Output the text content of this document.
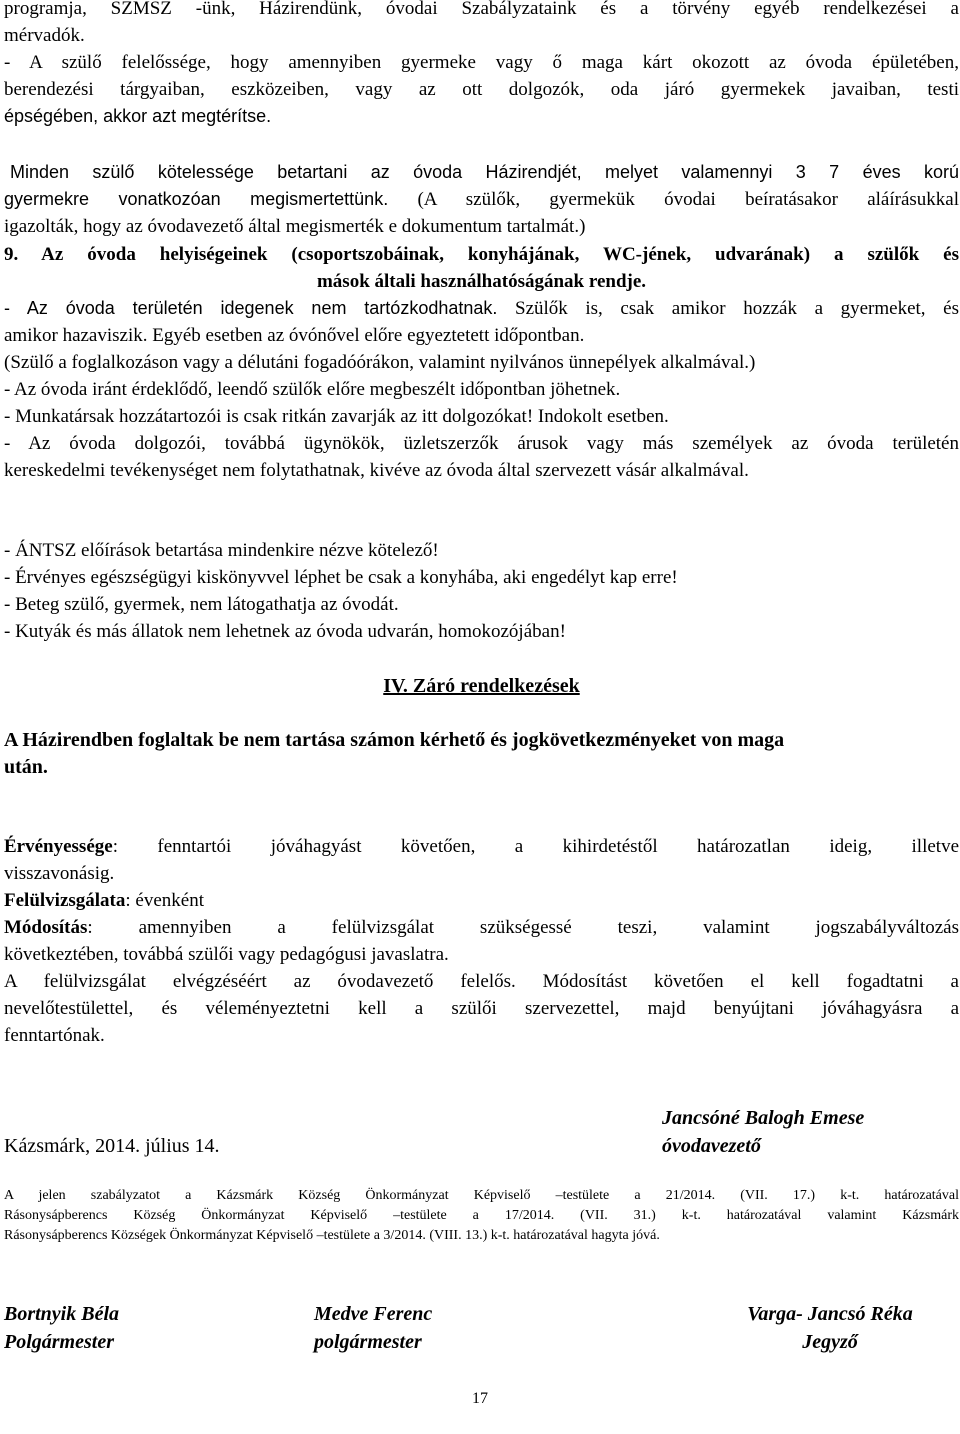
programja, SZMSZ -ünk, Házirendünk, óvodai Szabályzataink és a törvény egyéb rendelkezései a
mérvadók.
- A szülő felelőssége, hogy amennyiben gyermeke vagy ő maga kárt okozott az óvoda épületében,
berendezési tárgyaiban, eszközeiben, vagy az ott dolgozók, oda járó gyermekek javaiban, testi
épségében, akkor azt megtérítse.
Minden szülő kötelessége betartani az óvoda Házirendjét, melyet valamennyi 3 7 éves korú
gyermekre vonatkozóan megismertettünk. (A szülők, gyermekük óvodai beíratásakor aláírásukkal
igazolták, hogy az óvodavezető által megismerték e dokumentum tartalmát.)
9. Az óvoda helyiségeinek (csoportszobáinak, konyhájának, WC-jének, udvarának) a szülők és
mások általi használhatóságának rendje.
- Az óvoda területén idegenek nem tartózkodhatnak. Szülők is, csak amikor hozzák a gyermeket, és
amikor hazaviszik. Egyéb esetben az óvónővel előre egyeztetett időpontban.
(Szülő a foglalkozáson vagy a délutáni fogadóórákon, valamint nyilvános ünnepélyek alkalmával.)
- Az óvoda iránt érdeklődő, leendő szülők előre megbeszélt időpontban jöhetnek.
- Munkatársak hozzátartozói is csak ritkán zavarják az itt dolgozókat! Indokolt esetben.
- Az óvoda dolgozói, továbbá ügynökök, üzletszerzők árusok vagy más személyek az óvoda területén
kereskedelmi tevékenységet nem folytathatnak, kivéve az óvoda által szervezett vásár alkalmával.
- ÁNTSZ előírások betartása mindenkire nézve kötelező!
- Érvényes egészségügyi kiskönyvvel léphet be csak a konyhába, aki engedélyt kap erre!
- Beteg szülő, gyermek, nem látogathatja az óvodát.
- Kutyák és más állatok nem lehetnek az óvoda udvarán, homokozójában!
IV. Záró rendelkezések
A Házirendben foglaltak be nem tartása számon kérhető és jogkövetkezményeket von maga
után.
Érvényessége: fenntartói jóváhagyást követően, a kihirdetéstől határozatlan ideig, illetve
visszavonásig.
Felülvizsgálata: évenként
Módosítás: amennyiben a felülvizsgálat szükségessé teszi, valamint jogszabályváltozás
következtében, továbbá szülői vagy pedagógusi javaslatra.
A felülvizsgálat elvégzéséért az óvodavezető felelős. Módosítást követően el kell fogadtatni a
nevelőtestülettel, és véleményeztetni kell a szülői szervezettel, majd benyújtani jóváhagyásra a
fenntartónak.
Kázsmárk, 2014. július 14.
Jancsóné Balogh Emese
óvodavezető
A jelen szabályzatot a Kázsmárk Község Önkormányzat Képviselő –testülete a 21/2014. (VII. 17.) k-t. határozatával
Rásonysápberencs Község Önkormányzat Képviselő –testülete a 17/2014. (VII. 31.) k-t. határozatával valamint Kázsmárk
Rásonysápberencs Községek Önkormányzat Képviselő –testülete a 3/2014. (VIII. 13.) k-t. határozatával hagyta jóvá.
Bortnyik Béla
Polgármester
Medve Ferenc
polgármester
Varga- Jancsó Réka
Jegyző
17
